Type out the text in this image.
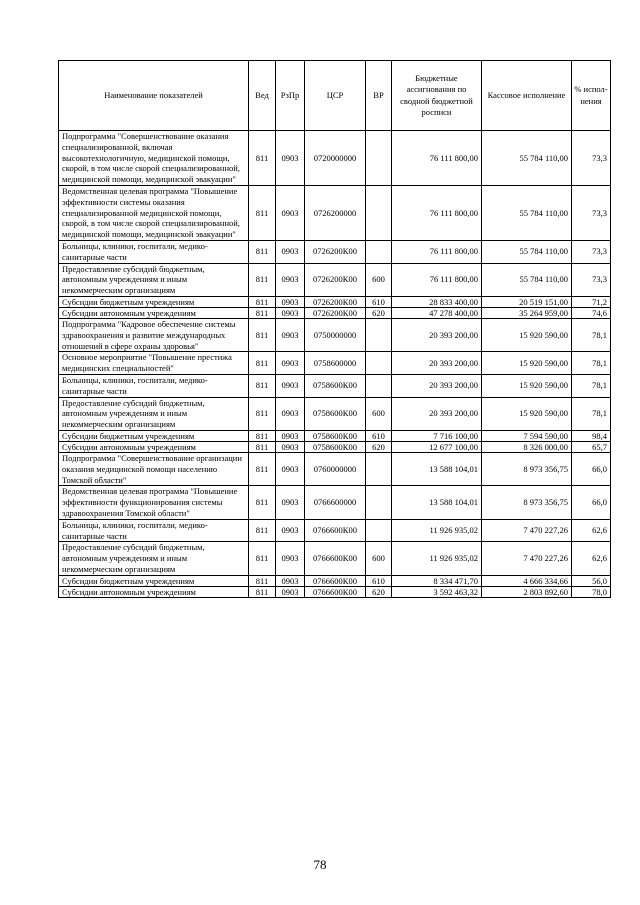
Наименование показателей	Вед	РзПр	ЦСР	ВР	Бюджетные ассигнования по сводной бюджетной росписи	Кассовое исполнение	% испол-нения
Подпрограмма "Совершенствование оказания специализированной, включая высокотехнологичную, медицинской помощи, скорой, в том числе скорой специализированной, медицинской помощи, медицинской эвакуации"	811	0903	0720000000		76 111 800,00	55 784 110,00	73,3
Ведомственная целевая программа "Повышение эффективности системы оказания специализированной медицинской помощи, скорой, в том числе скорой специализированной, медицинской помощи, медицинской эвакуации"	811	0903	0726200000		76 111 800,00	55 784 110,00	73,3
Больницы, клиники, госпитали, медико-санитарные части	811	0903	0726200К00		76 111 800,00	55 784 110,00	73,3
Предоставление субсидий бюджетным, автономным учреждениям и иным некоммерческим организациям	811	0903	0726200К00	600	76 111 800,00	55 784 110,00	73,3
Субсидии бюджетным учреждениям	811	0903	0726200К00	610	28 833 400,00	20 519 151,00	71,2
Субсидии автономным учреждениям	811	0903	0726200К00	620	47 278 400,00	35 264 959,00	74,6
Подпрограмма "Кадровое обеспечение системы здравоохранения и развитие международных отношений в сфере охраны здоровья"	811	0903	0750000000		20 393 200,00	15 920 590,00	78,1
Основное мероприятие "Повышение престижа медицинских специальностей"	811	0903	0758600000		20 393 200,00	15 920 590,00	78,1
Больницы, клиники, госпитали, медико-санитарные части	811	0903	0758600К00		20 393 200,00	15 920 590,00	78,1
Предоставление субсидий бюджетным, автономным учреждениям и иным некоммерческим организациям	811	0903	0758600К00	600	20 393 200,00	15 920 590,00	78,1
Субсидии бюджетным учреждениям	811	0903	0758600К00	610	7 716 100,00	7 594 590,00	98,4
Субсидии автономным учреждениям	811	0903	0758600К00	620	12 677 100,00	8 326 000,00	65,7
Подпрограмма "Совершенствование организации оказания медицинской помощи населению Томской области"	811	0903	0760000000		13 588 104,01	8 973 356,75	66,0
Ведомственная целевая программа "Повышение эффективности функционирования системы здравоохранения Томской области"	811	0903	0766600000		13 588 104,01	8 973 356,75	66,0
Больницы, клиники, госпитали, медико-санитарные части	811	0903	0766600К00		11 926 935,02	7 470 227,26	62,6
Предоставление субсидий бюджетным, автономным учреждениям и иным некоммерческим организациям	811	0903	0766600К00	600	11 926 935,02	7 470 227,26	62,6
Субсидии бюджетным учреждениям	811	0903	0766600К00	610	8 334 471,70	4 666 334,66	56,0
Субсидии автономным учреждениям	811	0903	0766600К00	620	3 592 463,32	2 803 892,60	78,0
78
